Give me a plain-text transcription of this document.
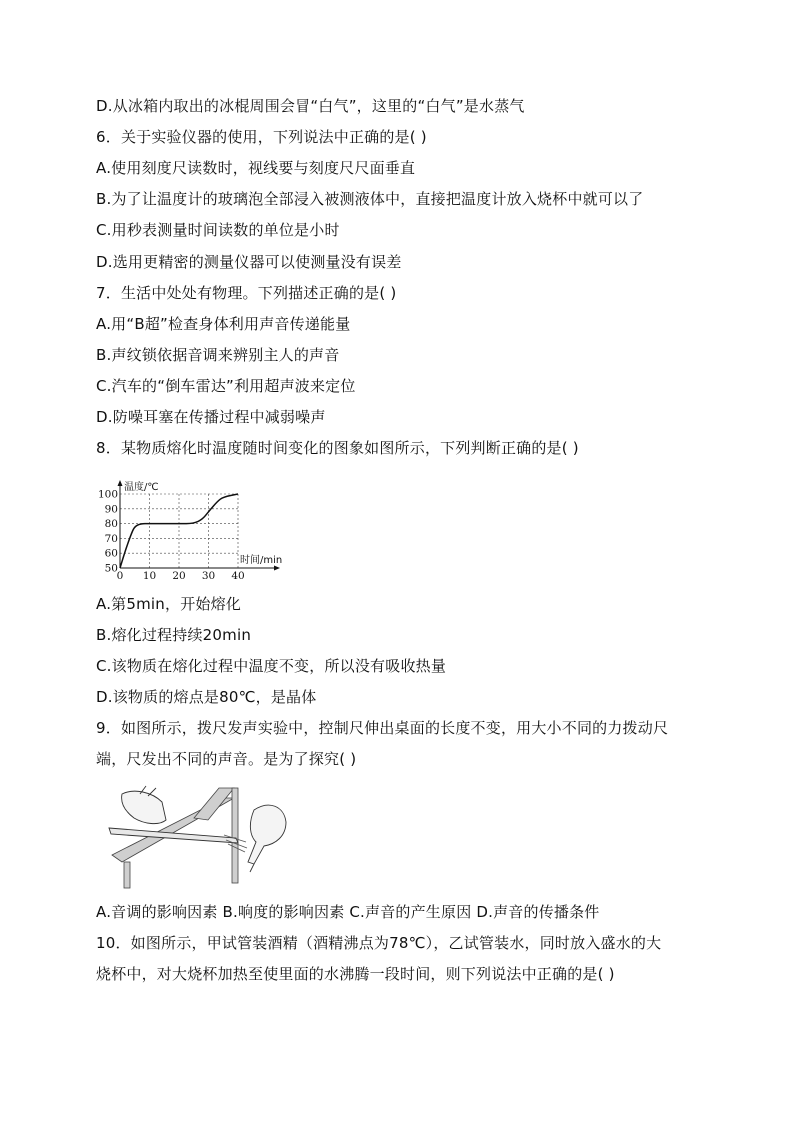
D.从冰箱内取出的冰棍周围会冒“白气”，这里的“白气”是水蒸气
6．关于实验仪器的使用，下列说法中正确的是( )
A.使用刻度尺读数时，视线要与刻度尺尺面垂直
B.为了让温度计的玻璃泡全部浸入被测液体中，直接把温度计放入烧杯中就可以了
C.用秒表测量时间读数的单位是小时
D.选用更精密的测量仪器可以使测量没有误差
7．生活中处处有物理。下列描述正确的是( )
A.用“B超”检查身体利用声音传递能量
B.声纹锁依据音调来辨别主人的声音
C.汽车的“倒车雷达”利用超声波来定位
D.防噪耳塞在传播过程中减弱噪声
8．某物质熔化时温度随时间变化的图象如图所示，下列判断正确的是( )
50
60
70
80
90
100
0 10 20 30 40
温度/℃
时间/min
A.第5min，开始熔化
B.熔化过程持续20min
C.该物质在熔化过程中温度不变，所以没有吸收热量
D.该物质的熔点是80℃，是晶体
9．如图所示，拨尺发声实验中，控制尺伸出桌面的长度不变，用大小不同的力拨动尺
端，尺发出不同的声音。是为了探究( )
A.音调的影响因素 B.响度的影响因素 C.声音的产生原因 D.声音的传播条件
10．如图所示，甲试管装酒精（酒精沸点为78℃），乙试管装水，同时放入盛水的大
烧杯中，对大烧杯加热至使里面的水沸腾一段时间，则下列说法中正确的是( )
